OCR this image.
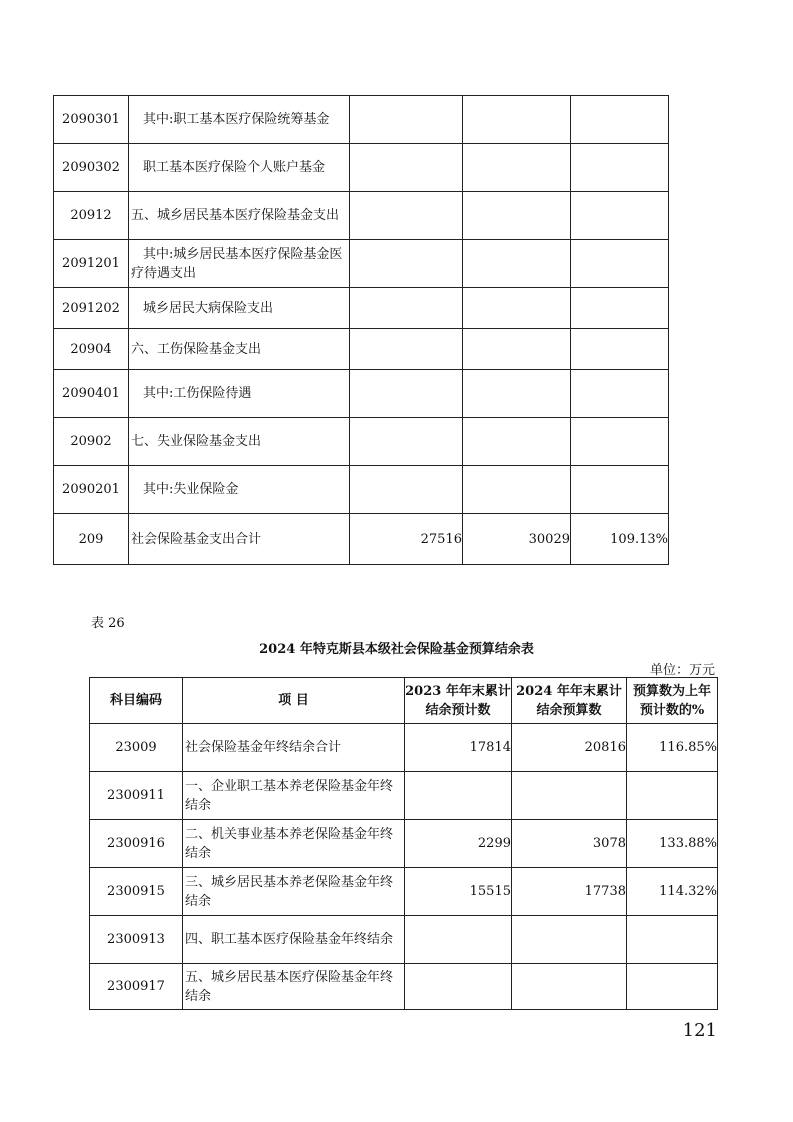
2090301	其中:职工基本医疗保险统筹基金			
2090302	职工基本医疗保险个人账户基金			
20912	五、城乡居民基本医疗保险基金支出			
2091201	其中:城乡居民基本医疗保险基金医疗待遇支出			
2091202	城乡居民大病保险支出			
20904	六、工伤保险基金支出			
2090401	其中:工伤保险待遇			
20902	七、失业保险基金支出			
2090201	其中:失业保险金			
209	社会保险基金支出合计	27516	30029	109.13%
表 26
2024 年特克斯县本级社会保险基金预算结余表
单位：万元
科目编码	项 目	2023 年年末累计结余预计数	2024 年年末累计结余预算数	预算数为上年预计数的%
23009	社会保险基金年终结余合计	17814	20816	116.85%
2300911	一、企业职工基本养老保险基金年终结余			
2300916	二、机关事业基本养老保险基金年终结余	2299	3078	133.88%
2300915	三、城乡居民基本养老保险基金年终结余	15515	17738	114.32%
2300913	四、职工基本医疗保险基金年终结余			
2300917	五、城乡居民基本医疗保险基金年终结余			
121
